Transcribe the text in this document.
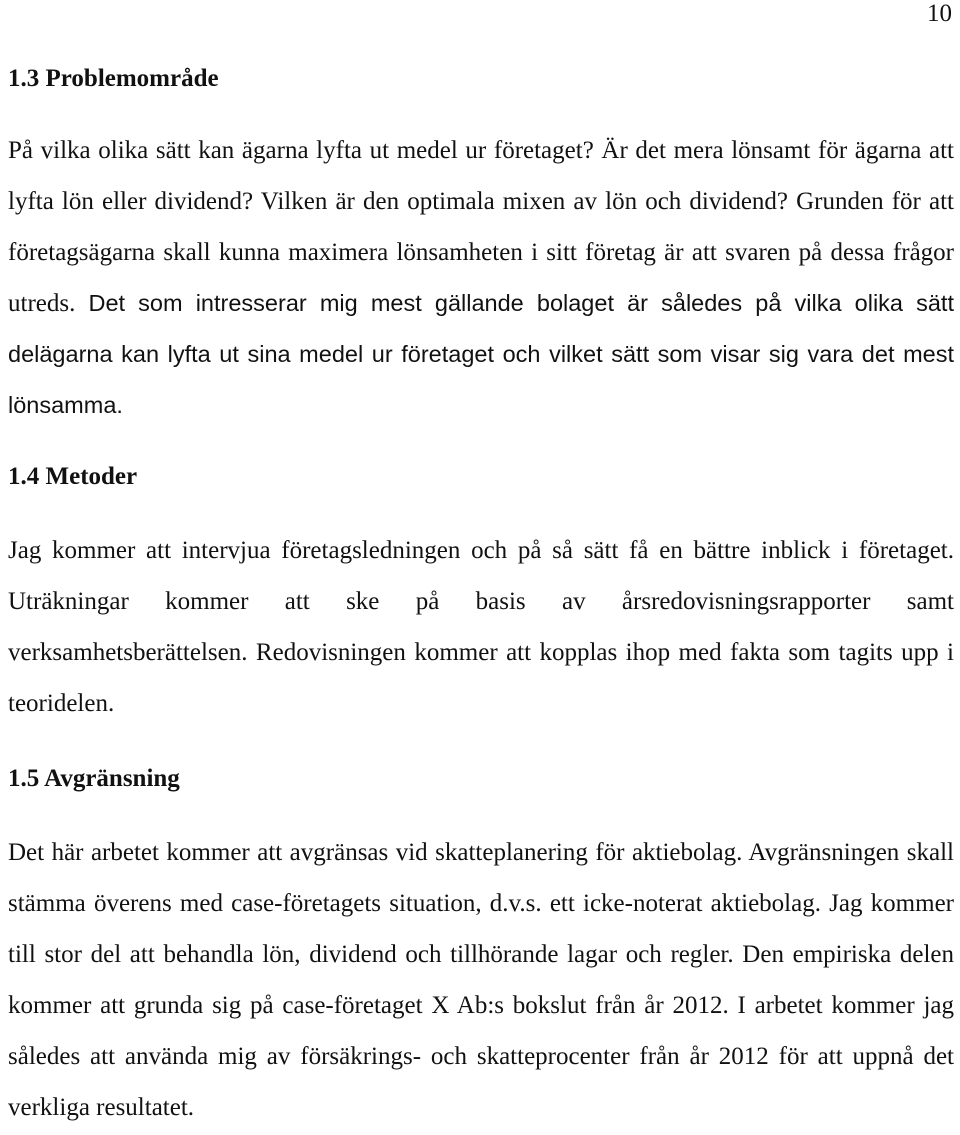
10
1.3 Problemområde

På vilka olika sätt kan ägarna lyfta ut medel ur företaget? Är det mera lönsamt för ägarna att lyfta lön eller dividend? Vilken är den optimala mixen av lön och dividend? Grunden för att företagsägarna skall kunna maximera lönsamheten i sitt företag är att svaren på dessa frågor utreds. Det som intresserar mig mest gällande bolaget är således på vilka olika sätt delägarna kan lyfta ut sina medel ur företaget och vilket sätt som visar sig vara det mest lönsamma.

1.4 Metoder

Jag kommer att intervjua företagsledningen och på så sätt få en bättre inblick i företaget. Uträkningar kommer att ske på basis av årsredovisningsrapporter samt verksamhetsberättelsen. Redovisningen kommer att kopplas ihop med fakta som tagits upp i teoridelen.

1.5 Avgränsning

Det här arbetet kommer att avgränsas vid skatteplanering för aktiebolag. Avgränsningen skall stämma överens med case-företagets situation, d.v.s. ett icke-noterat aktiebolag. Jag kommer till stor del att behandla lön, dividend och tillhörande lagar och regler. Den empiriska delen kommer att grunda sig på case-företaget X Ab:s bokslut från år 2012. I arbetet kommer jag således att använda mig av försäkrings- och skatteprocenter från år 2012 för att uppnå det verkliga resultatet.
